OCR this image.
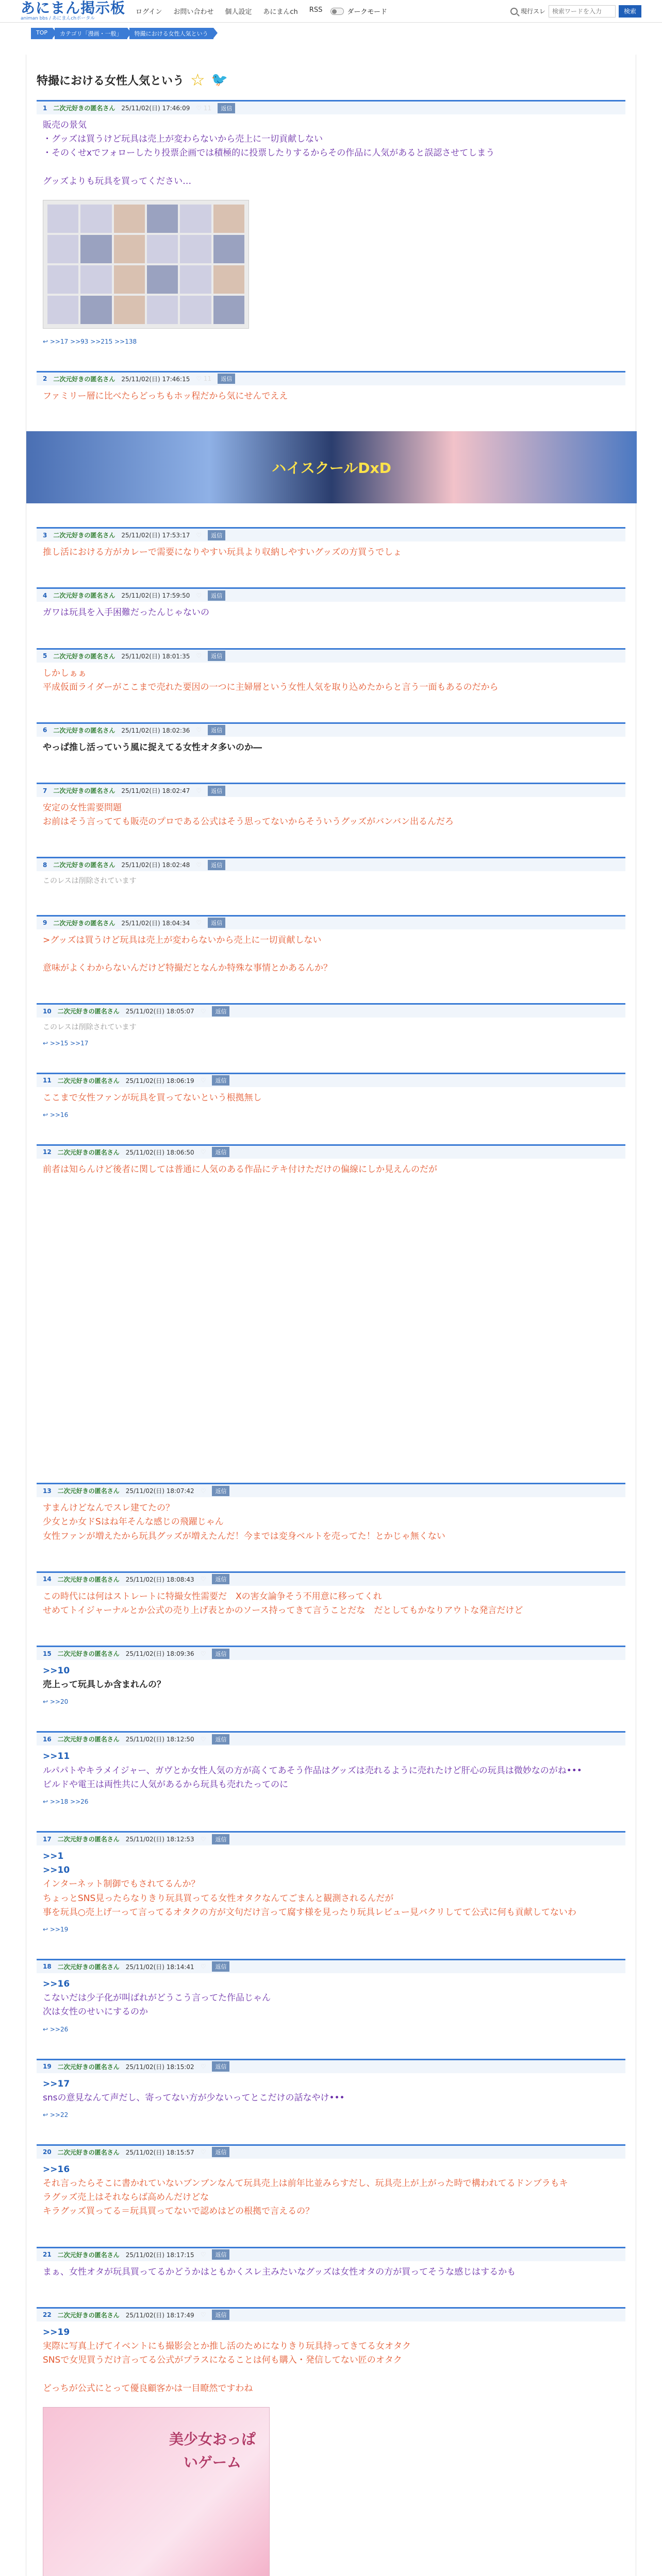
あにまん掲示板
animan bbs / あにまんchポータル
ログイン お問い合わせ 個人設定 あにまんch RSS	ダークモード	現行スレ
検索ワードを入力	検索
TOP	カテゴリ「漫画・一般」	特撮における女性人気という
特撮における女性人気という ☆ 🐦
1 二次元好きの匿名さん 25/11/02(日) 17:46:09 ♡ 11	返信
販売の景気
・グッズは買うけど玩具は売上が変わらないから売上に一切貢献しない
・そのくせxでフォローしたり投票企画では積極的に投票したりするからその作品に人気があると誤認させてしまう

グッズよりも玩具を買ってください…
↩ >>17 >>93 >>215 >>138
2 二次元好きの匿名さん 25/11/02(日) 17:46:15 ♡ 11	返信
ファミリー層に比べたらどっちもホッ程だから気にせんでええ
ハイスクールDxD
3 二次元好きの匿名さん 25/11/02(日) 17:53:17 ♡	返信
推し活における方がカレーで需要になりやすい玩具より収納しやすいグッズの方買うでしょ
4 二次元好きの匿名さん 25/11/02(日) 17:59:50 ♡	返信
ガワは玩具を入手困難だったんじゃないの
5 二次元好きの匿名さん 25/11/02(日) 18:01:35 ♡	返信
しかしぁぁ
平成仮面ライダーがここまで売れた要因の一つに主婦層という女性人気を取り込めたからと言う一面もあるのだから
6 二次元好きの匿名さん 25/11/02(日) 18:02:36 ♡	返信
やっぱ推し活っていう風に捉えてる女性オタ多いのか―
7 二次元好きの匿名さん 25/11/02(日) 18:02:47 ♡	返信
安定の女性需要問題
お前はそう言ってても販売のプロである公式はそう思ってないからそういうグッズがバンバン出るんだろ
8 二次元好きの匿名さん 25/11/02(日) 18:02:48 ♡	返信
このレスは削除されています
9 二次元好きの匿名さん 25/11/02(日) 18:04:34 ♡	返信
>グッズは買うけど玩具は売上が変わらないから売上に一切貢献しない

意味がよくわからないんだけど特撮だとなんか特殊な事情とかあるんか？
10 二次元好きの匿名さん 25/11/02(日) 18:05:07 ♡	返信
このレスは削除されています
↩ >>15 >>17
11 二次元好きの匿名さん 25/11/02(日) 18:06:19 ♡	返信
ここまで女性ファンが玩具を買ってないという根拠無し
↩ >>16
12 二次元好きの匿名さん 25/11/02(日) 18:06:50 ♡	返信
前者は知らんけど後者に関しては普通に人気のある作品にテキ付けただけの偏線にしか見えんのだが
13 二次元好きの匿名さん 25/11/02(日) 18:07:42 ♡	返信
すまんけどなんでスレ建てたの？
少女とか女ドSはね年そんな感じの飛躍じゃん
女性ファンが増えたから玩具グッズが増えたんだ！今までは変身ベルトを売ってた！とかじゃ無くない
14 二次元好きの匿名さん 25/11/02(日) 18:08:43 ♡	返信
この時代には何はストレートに特撮女性需要だ　Xの害女論争そう不用意に移ってくれ
せめてトイジャーナルとか公式の売り上げ表とかのソース持ってきて言うことだな　だとしてもかなりアウトな発言だけど
15 二次元好きの匿名さん 25/11/02(日) 18:09:36 ♡	返信
>>10
売上って玩具しか含まれんの？
↩ >>20
16 二次元好きの匿名さん 25/11/02(日) 18:12:50 ♡	返信
>>11
ルパパトやキラメイジャー、ガヴとか女性人気の方が高くてあそう作品はグッズは売れるように売れたけど肝心の玩具は微妙なのがね•••
ビルドや電王は両性共に人気があるから玩具も売れたってのに
↩ >>18 >>26
17 二次元好きの匿名さん 25/11/02(日) 18:12:53 ♡	返信
>>1
>>10
インターネット制御でもされてるんか？
ちょっとSNS見ったらなりきり玩具買ってる女性オタクなんてごまんと観測されるんだが
事を玩具○売上げ一って言ってるオタクの方が文句だけ言って腐す様を見ったり玩具レビュー見バクリしてて公式に何も貢献してないわ
↩ >>19
18 二次元好きの匿名さん 25/11/02(日) 18:14:41 ♡	返信
>>16
こないだは少子化が叫ばれがどうこう言ってた作品じゃん
次は女性のせいにするのか
↩ >>26
19 二次元好きの匿名さん 25/11/02(日) 18:15:02 ♡	返信
>>17
snsの意見なんて声だし、寄ってない方が少ないってとこだけの話なやけ•••
↩ >>22
20 二次元好きの匿名さん 25/11/02(日) 18:15:57 ♡	返信
>>16
それ言ったらそこに書かれていないブンブンなんて玩具売上は前年比並みらすだし、玩具売上が上がった時で構われてるドンブラもキ
ラグッズ売上はそれならば高めんだけどな
キラグッズ買ってる＝玩具買ってないで認めはどの根拠で言えるの？
21 二次元好きの匿名さん 25/11/02(日) 18:17:15 ♡	返信
まぁ、女性オタが玩具買ってるかどうかはともかくスレ主みたいなグッズは女性オタの方が買ってそうな感じはするかも
22 二次元好きの匿名さん 25/11/02(日) 18:17:49 ♡	返信
>>19
実際に写真上げてイベントにも撮影会とか推し活のためになりきり玩具持ってきてる女オタク
SNSで女児買うだけ言ってる公式がプラスになることは何も購入・発信してない匠のオタク

どっちが公式にとって優良顧客かは一目瞭然ですわね
美少女おっぱいゲーム
